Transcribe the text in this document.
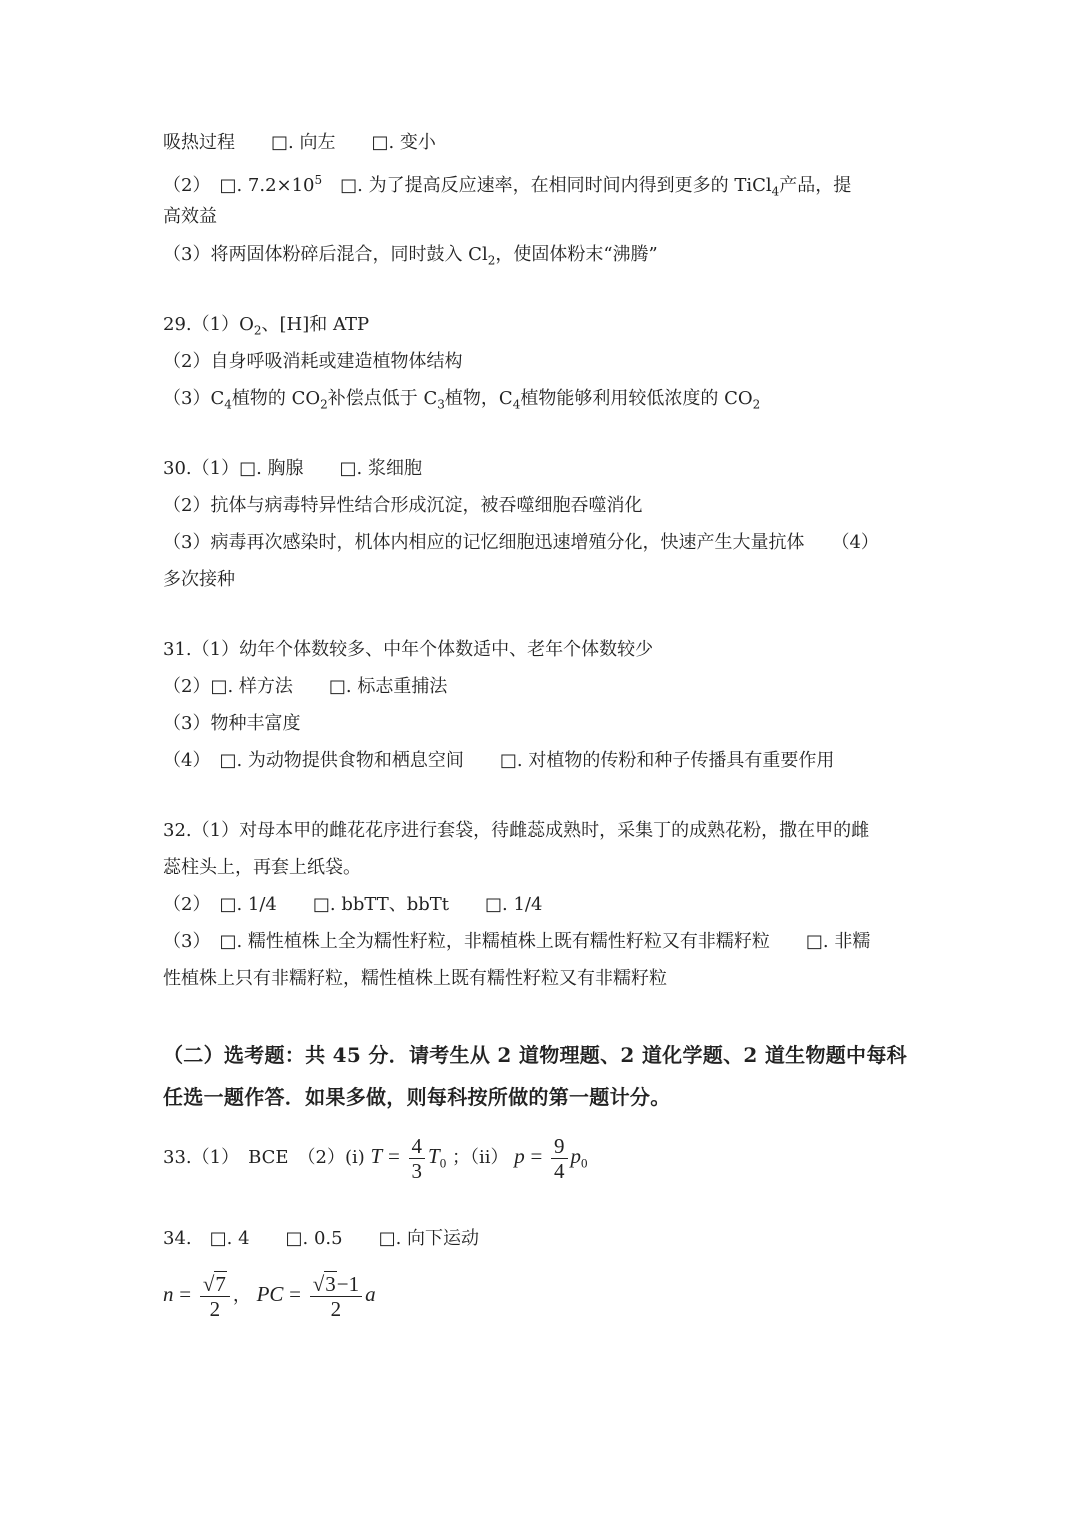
吸热过程　　□. 向左　　□. 变小
（2）　□. $7.2\times 10^5$　□. 为了提高反应速率，在相同时间内得到更多的 TiCl$_4$产品，提
高效益
（3）将两固体粉碎后混合，同时鼓入 $Cl_2$，使固体粉末“沸腾”
$29.(1)O_2$、[H]和 ATP
（2）自身呼吸消耗或建造植物体结构
$(3)C_4$植物的 $CO_2$补偿点低于 $C_3$植物，$C_4$植物能够利用较低浓度的 $CO_2$
30.（1）□. 胸腺　　□. 浆细胞
（2）抗体与病毒特异性结合形成沉淀，被吞噬细胞吞噬消化
（3）病毒再次感染时，机体内相应的记忆细胞迅速增殖分化，快速产生大量抗体　　（4）
多次接种
31.（1）幼年个体数较多、中年个体数适中、老年个体数较少
（2）□. 样方法　　□. 标志重捕法
（3）物种丰富度
（4）　□. 为动物提供食物和栖息空间　　□. 对植物的传粉和种子传播具有重要作用
32.（1）对母本甲的雌花花序进行套袋，待雌蕊成熟时，采集丁的成熟花粉，撒在甲的雌
蕊柱头上，再套上纸袋。
（2）　□. 1/4　　□. bbTT、bbTt　　□. 1/4
（3）　□. 糯性植株上全为糯性籽粒，非糯植株上既有糯性籽粒又有非糯籽粒　　□. 非糯
性植株上只有非糯籽粒，糯性植株上既有糯性籽粒又有非糯籽粒
（二）选考题：共 45 分．请考生从 2 道物理题、2 道化学题、2 道生物题中每科
任选一题作答．如果多做，则每科按所做的第一题计分。
33.（1）　BCE　（2）(i) $T = \frac{4}{3} T_0$ ；（ii） $p = \frac{9}{4} p_0$
34.　□. 4　　□. 0.5　　□. 向下运动
$n = \frac{√7}{2}$ ， PC = $\frac{√3-1}{2}$ a
